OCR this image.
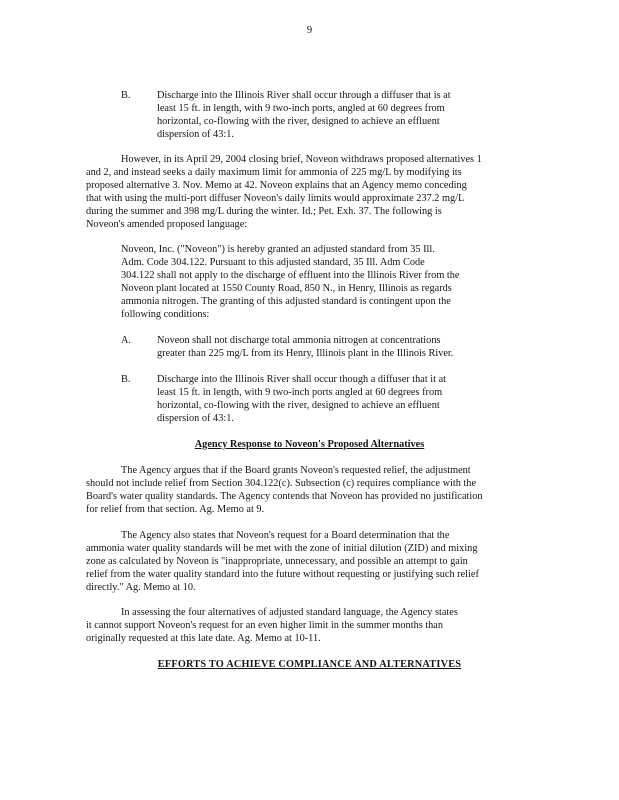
9
B.	Discharge into the Illinois River shall occur through a diffuser that is at
least 15 ft. in length, with 9 two-inch ports, angled at 60 degrees from
horizontal, co-flowing with the river, designed to achieve an effluent
dispersion of 43:1.
However, in its April 29, 2004 closing brief, Noveon withdraws proposed alternatives 1
and 2, and instead seeks a daily maximum limit for ammonia of 225 mg/L by modifying its
proposed alternative 3. Nov. Memo at 42. Noveon explains that an Agency memo conceding
that with using the multi-port diffuser Noveon's daily limits would approximate 237.2 mg/L
during the summer and 398 mg/L during the winter. Id.; Pet. Exh. 37. The following is
Noveon's amended proposed language:
Noveon, Inc. ("Noveon") is hereby granted an adjusted standard from 35 Ill.
Adm. Code 304.122. Pursuant to this adjusted standard, 35 Ill. Adm Code
304.122 shall not apply to the discharge of effluent into the Illinois River from the
Noveon plant located at 1550 County Road, 850 N., in Henry, Illinois as regards
ammonia nitrogen. The granting of this adjusted standard is contingent upon the
following conditions:
A.	Noveon shall not discharge total ammonia nitrogen at concentrations
greater than 225 mg/L from its Henry, Illinois plant in the Illinois River.
B.	Discharge into the Illinois River shall occur though a diffuser that it at
least 15 ft. in length, with 9 two-inch ports angled at 60 degrees from
horizontal, co-flowing with the river, designed to achieve an effluent
dispersion of 43:1.
Agency Response to Noveon's Proposed Alternatives
The Agency argues that if the Board grants Noveon's requested relief, the adjustment
should not include relief from Section 304.122(c). Subsection (c) requires compliance with the
Board's water quality standards. The Agency contends that Noveon has provided no justification
for relief from that section. Ag. Memo at 9.
The Agency also states that Noveon's request for a Board determination that the
ammonia water quality standards will be met with the zone of initial dilution (ZID) and mixing
zone as calculated by Noveon is "inappropriate, unnecessary, and possible an attempt to gain
relief from the water quality standard into the future without requesting or justifying such relief
directly." Ag. Memo at 10.
In assessing the four alternatives of adjusted standard language, the Agency states
it cannot support Noveon's request for an even higher limit in the summer months than
originally requested at this late date. Ag. Memo at 10-11.
EFFORTS TO ACHIEVE COMPLIANCE AND ALTERNATIVES
